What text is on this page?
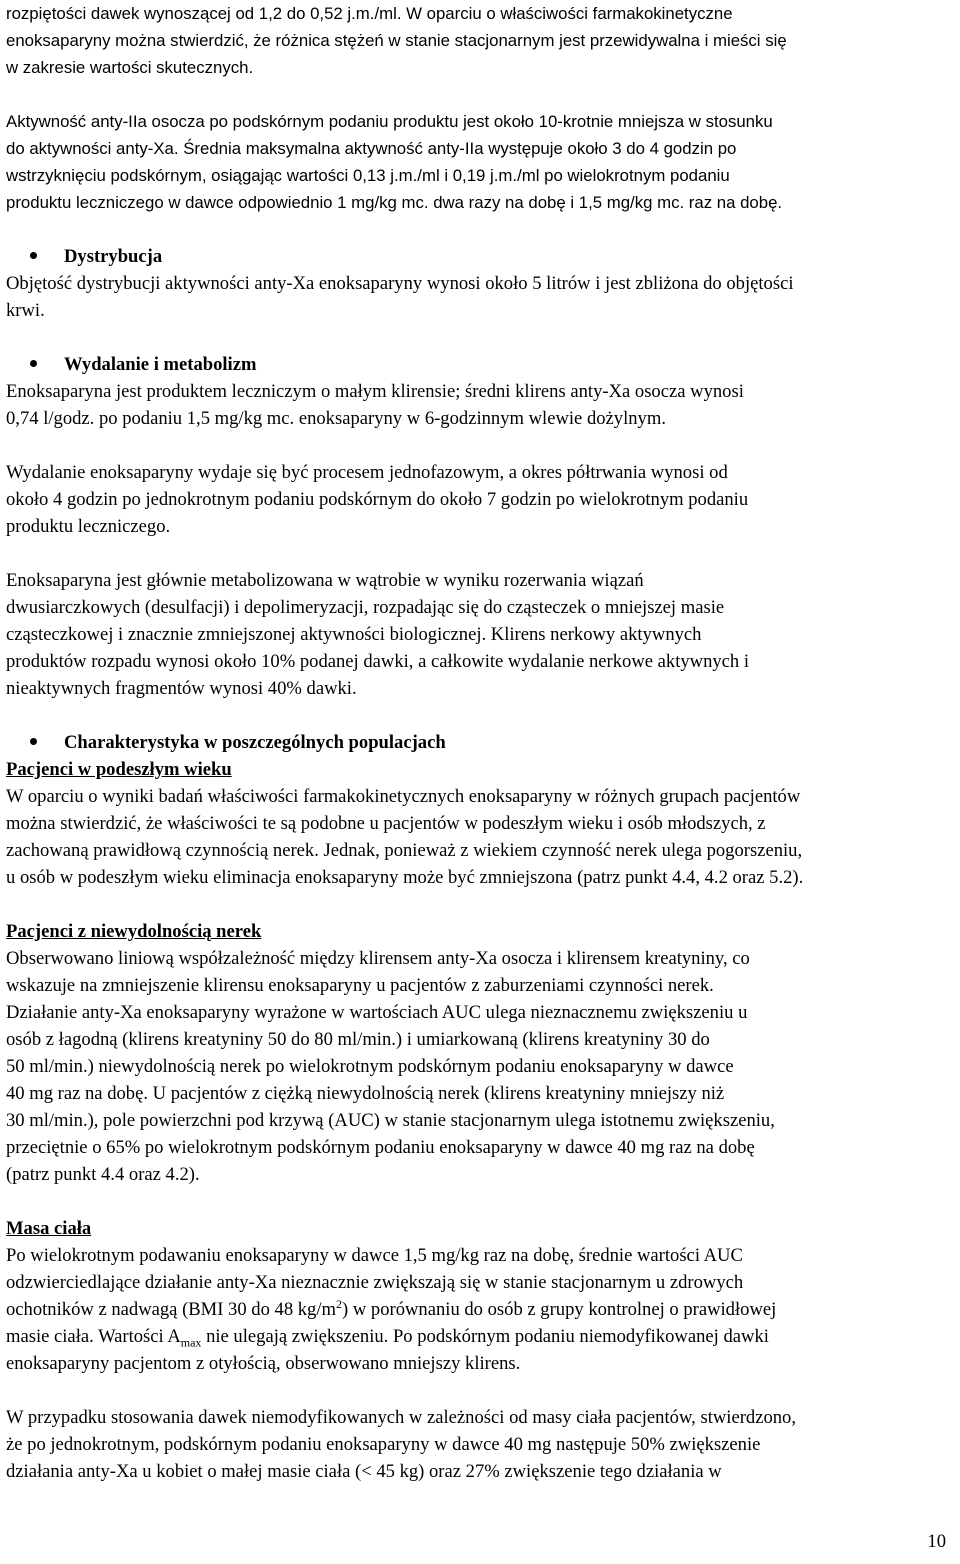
rozpiętości dawek wynoszącej od 1,2 do 0,52 j.m./ml. W oparciu o właściwości farmakokinetyczne

enoksaparyny można stwierdzić, że różnica stężeń w stanie stacjonarnym jest przewidywalna i mieści się

w zakresie wartości skutecznych.

Aktywność anty-IIa osocza po podskórnym podaniu produktu jest około 10-krotnie mniejsza w stosunku

do aktywności anty-Xa. Średnia maksymalna aktywność anty-IIa występuje około 3 do 4 godzin po

wstrzyknięciu podskórnym, osiągając wartości 0,13 j.m./ml i 0,19 j.m./ml po wielokrotnym podaniu

produktu leczniczego w dawce odpowiednio 1 mg/kg mc. dwa razy na dobę i 1,5 mg/kg mc. raz na dobę.

Dystrybucja

Objętość dystrybucji aktywności anty-Xa enoksaparyny wynosi około 5 litrów i jest zbliżona do objętości

krwi.

Wydalanie i metabolizm

Enoksaparyna jest produktem leczniczym o małym klirensie; średni klirens anty-Xa osocza wynosi

0,74 l/godz. po podaniu 1,5 mg/kg mc. enoksaparyny w 6-godzinnym wlewie dożylnym.

Wydalanie enoksaparyny wydaje się być procesem jednofazowym, a okres półtrwania wynosi od

około 4 godzin po jednokrotnym podaniu podskórnym do około 7 godzin po wielokrotnym podaniu

produktu leczniczego.

Enoksaparyna jest głównie metabolizowana w wątrobie w wyniku rozerwania wiązań

dwusiarczkowych (desulfacji) i depolimeryzacji, rozpadając się do cząsteczek o mniejszej masie

cząsteczkowej i znacznie zmniejszonej aktywności biologicznej. Klirens nerkowy aktywnych

produktów rozpadu wynosi około 10% podanej dawki, a całkowite wydalanie nerkowe aktywnych i

nieaktywnych fragmentów wynosi 40% dawki.

Charakterystyka w poszczególnych populacjach

Pacjenci w podeszłym wieku

W oparciu o wyniki badań właściwości farmakokinetycznych enoksaparyny w różnych grupach pacjentów

można stwierdzić, że właściwości te są podobne u pacjentów w podeszłym wieku i osób młodszych, z

zachowaną prawidłową czynnością nerek. Jednak, ponieważ z wiekiem czynność nerek ulega pogorszeniu,

u osób w podeszłym wieku eliminacja enoksaparyny może być zmniejszona (patrz punkt 4.4, 4.2 oraz 5.2).

Pacjenci z niewydolnością nerek

Obserwowano liniową współzależność między klirensem anty-Xa osocza i klirensem kreatyniny, co

wskazuje na zmniejszenie klirensu enoksaparyny u pacjentów z zaburzeniami czynności nerek.

Działanie anty-Xa enoksaparyny wyrażone w wartościach AUC ulega nieznacznemu zwiększeniu u

osób z łagodną (klirens kreatyniny 50 do 80 ml/min.) i umiarkowaną (klirens kreatyniny 30 do

50 ml/min.) niewydolnością nerek po wielokrotnym podskórnym podaniu enoksaparyny w dawce

40 mg raz na dobę. U pacjentów z ciężką niewydolnością nerek (klirens kreatyniny mniejszy niż

30 ml/min.), pole powierzchni pod krzywą (AUC) w stanie stacjonarnym ulega istotnemu zwiększeniu,

przeciętnie o 65% po wielokrotnym podskórnym podaniu enoksaparyny w dawce 40 mg raz na dobę

(patrz punkt 4.4 oraz 4.2).

Masa ciała

Po wielokrotnym podawaniu enoksaparyny w dawce 1,5 mg/kg raz na dobę, średnie wartości AUC

odzwierciedlające działanie anty-Xa nieznacznie zwiększają się w stanie stacjonarnym u zdrowych

ochotników z nadwagą (BMI 30 do 48 $kg/m^2$) w porównaniu do osób z grupy kontrolnej o prawidłowej

masie ciała. Wartości $A_{max}$ nie ulegają zwiększeniu. Po podskórnym podaniu niemodyfikowanej dawki

enoksaparyny pacjentom z otyłością, obserwowano mniejszy klirens.

W przypadku stosowania dawek niemodyfikowanych w zależności od masy ciała pacjentów, stwierdzono,

że po jednokrotnym, podskórnym podaniu enoksaparyny w dawce 40 mg następuje 50% zwiększenie

działania anty-Xa u kobiet o małej masie ciała (< 45 kg) oraz 27% zwiększenie tego działania w

10
